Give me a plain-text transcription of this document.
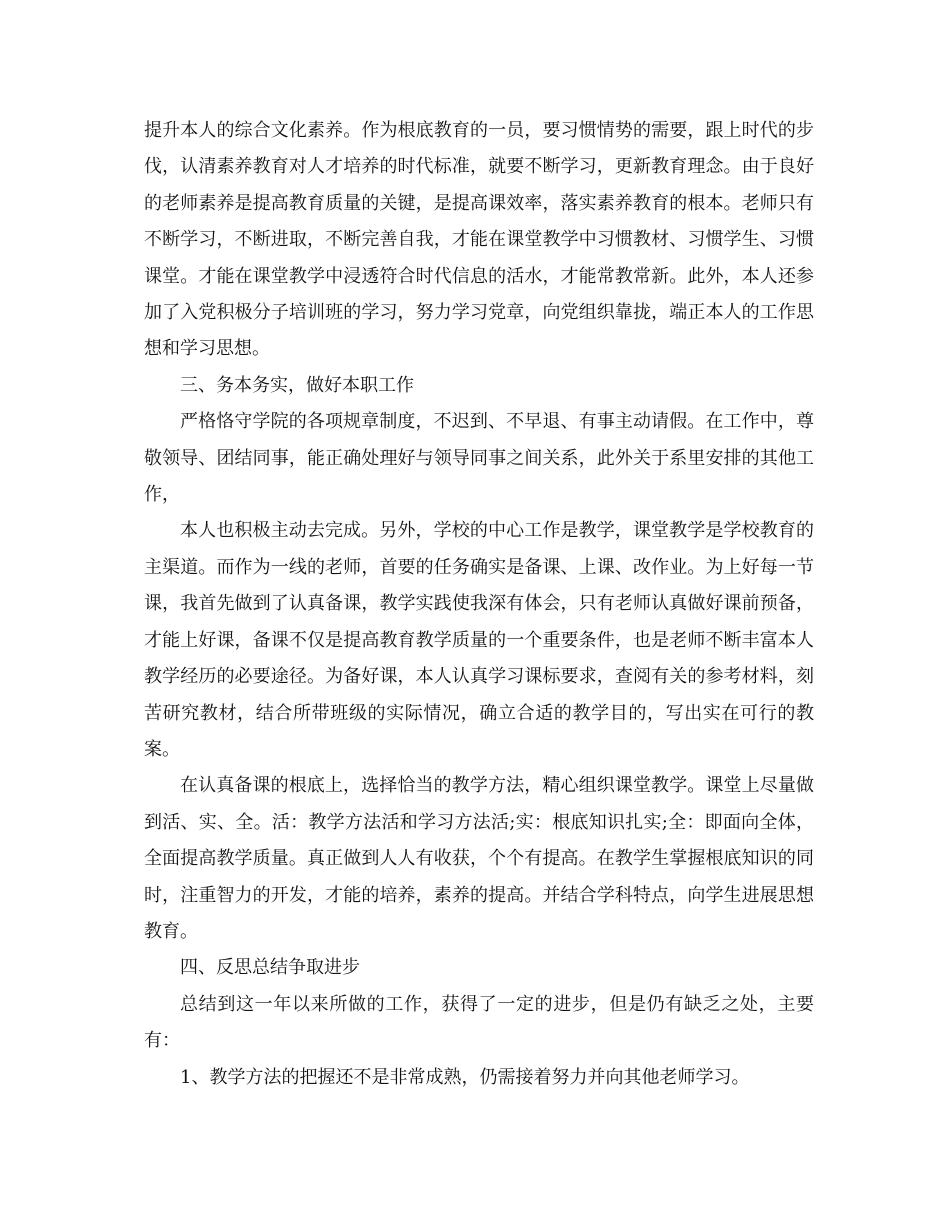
提升本人的综合文化素养。作为根底教育的一员，要习惯情势的需要，跟上时代的步伐，认清素养教育对人才培养的时代标准，就要不断学习，更新教育理念。由于良好的老师素养是提高教育质量的关键，是提高课效率，落实素养教育的根本。老师只有不断学习，不断进取，不断完善自我，才能在课堂教学中习惯教材、习惯学生、习惯课堂。才能在课堂教学中浸透符合时代信息的活水，才能常教常新。此外，本人还参加了入党积极分子培训班的学习，努力学习党章，向党组织靠拢，端正本人的工作思想和学习思想。

三、务本务实，做好本职工作

严格恪守学院的各项规章制度，不迟到、不早退、有事主动请假。在工作中，尊敬领导、团结同事，能正确处理好与领导同事之间关系，此外关于系里安排的其他工作，

本人也积极主动去完成。另外，学校的中心工作是教学，课堂教学是学校教育的主渠道。而作为一线的老师，首要的任务确实是备课、上课、改作业。为上好每一节课，我首先做到了认真备课，教学实践使我深有体会，只有老师认真做好课前预备，才能上好课，备课不仅是提高教育教学质量的一个重要条件，也是老师不断丰富本人教学经历的必要途径。为备好课，本人认真学习课标要求，查阅有关的参考材料，刻苦研究教材，结合所带班级的实际情况，确立合适的教学目的，写出实在可行的教案。

在认真备课的根底上，选择恰当的教学方法，精心组织课堂教学。课堂上尽量做到活、实、全。活：教学方法活和学习方法活;实：根底知识扎实;全：即面向全体，全面提高教学质量。真正做到人人有收获，个个有提高。在教学生掌握根底知识的同时，注重智力的开发，才能的培养，素养的提高。并结合学科特点，向学生进展思想教育。

四、反思总结争取进步

总结到这一年以来所做的工作，获得了一定的进步，但是仍有缺乏之处，主要有：

1、教学方法的把握还不是非常成熟，仍需接着努力并向其他老师学习。
